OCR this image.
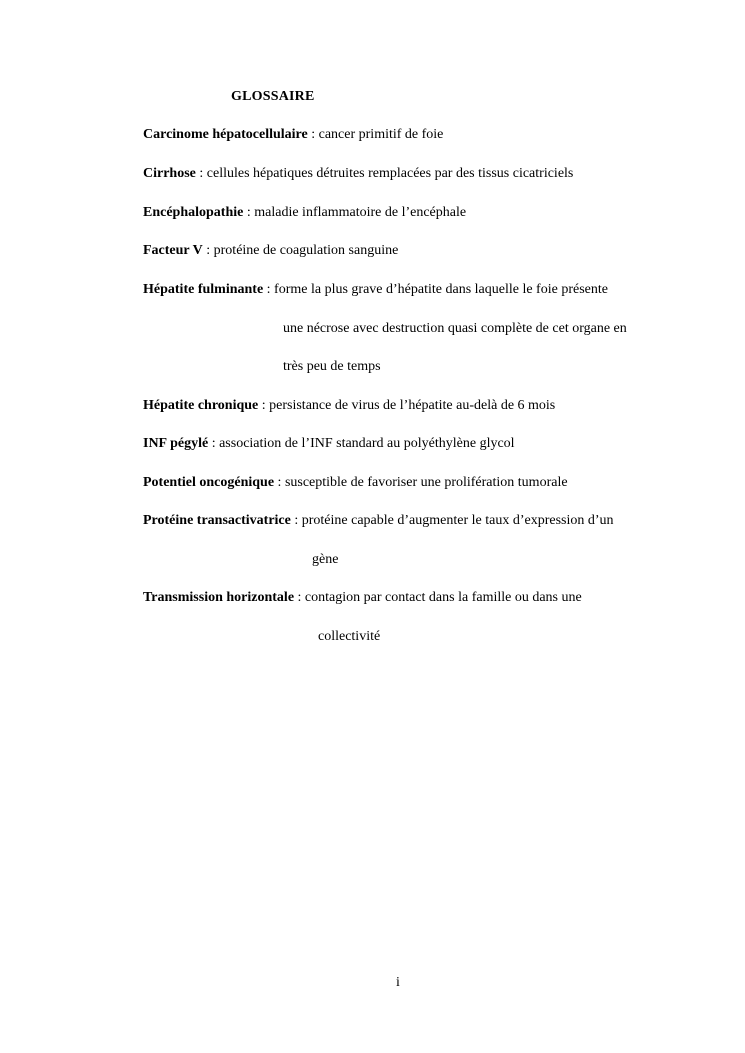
GLOSSAIRE
Carcinome hépatocellulaire : cancer primitif de foie
Cirrhose : cellules hépatiques détruites remplacées par des tissus cicatriciels
Encéphalopathie : maladie inflammatoire de l’encéphale
Facteur V : protéine de coagulation sanguine
Hépatite fulminante : forme la plus grave d’hépatite dans laquelle le foie présente
une nécrose avec destruction quasi complète de cet organe en
très peu de temps
Hépatite chronique : persistance de virus de l’hépatite au-delà de 6 mois
INF pégylé : association de l’INF standard au polyéthylène glycol
Potentiel oncogénique : susceptible de favoriser une prolifération tumorale
Protéine transactivatrice : protéine capable d’augmenter le taux d’expression d’un
gène
Transmission horizontale : contagion par contact dans la famille ou dans une
collectivité
i
